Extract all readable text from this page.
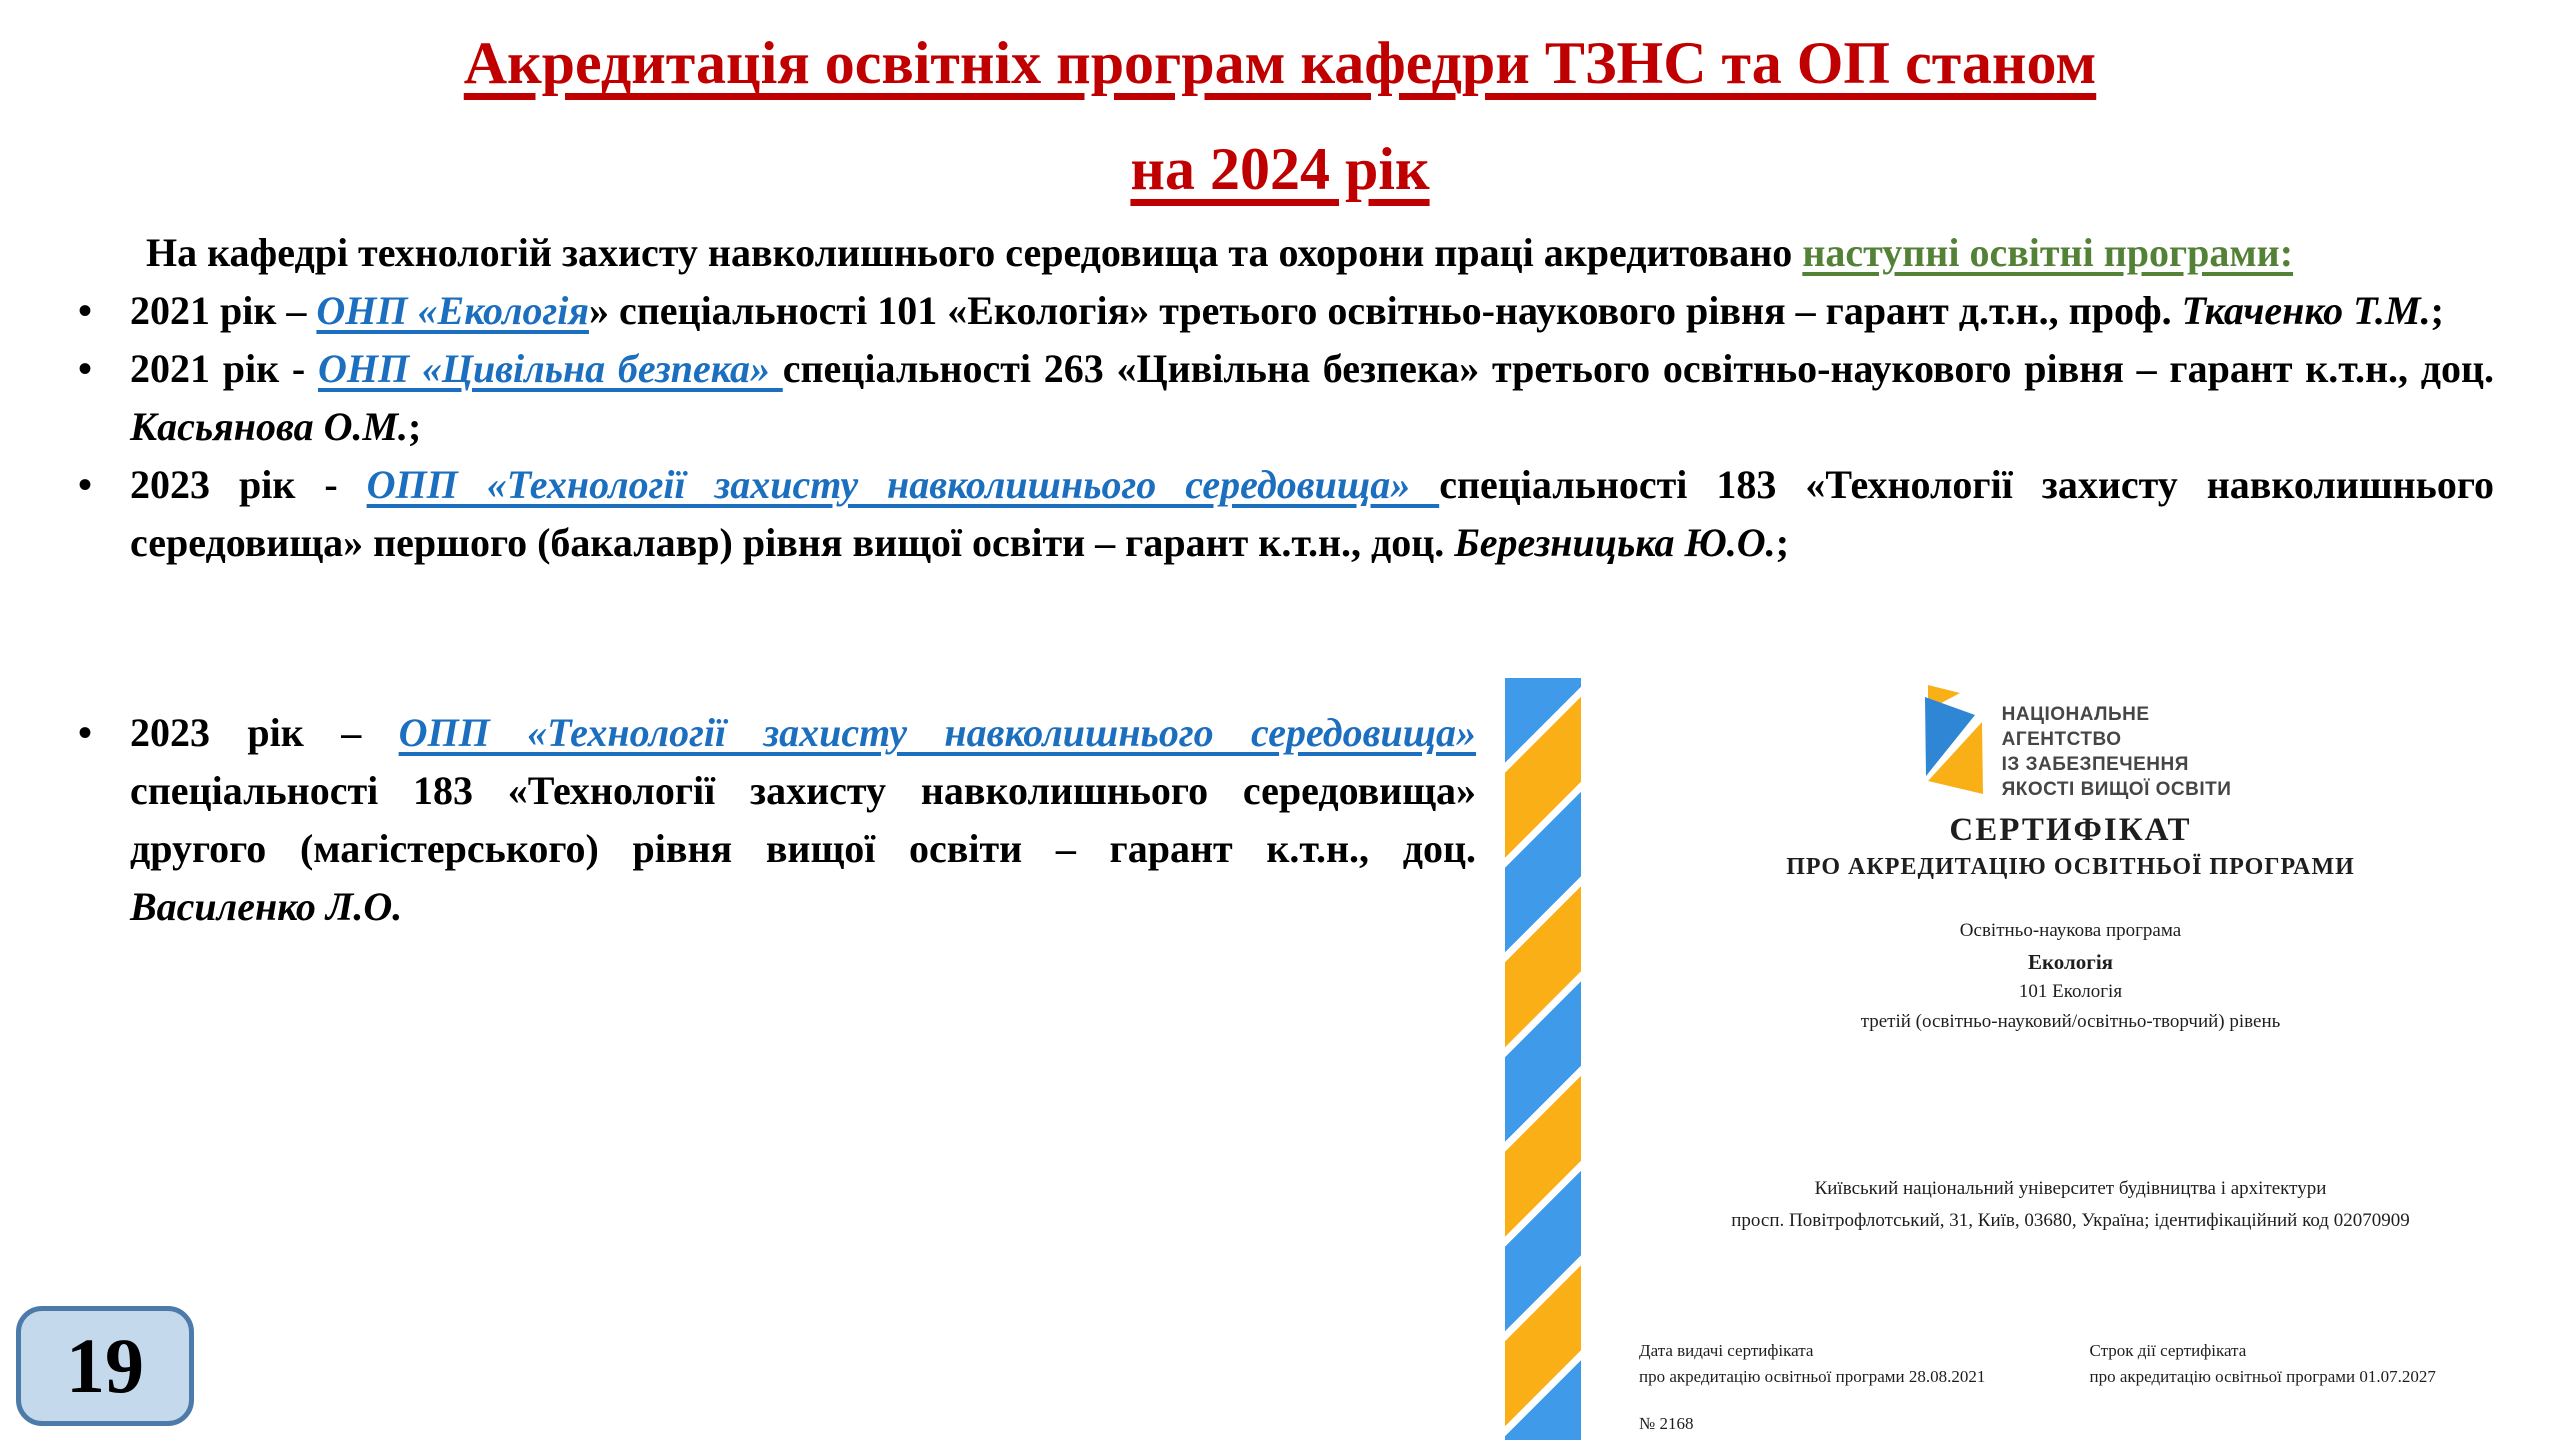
Акредитація освітніх програм кафедри ТЗНС та ОП станом
на 2024 рік

На кафедрі технологій захисту навколишнього середовища та охорони праці акредитовано наступні освітні програми:

• 2021 рік – ОНП «Екологія» спеціальності 101 «Екологія» третього освітньо-наукового рівня – гарант д.т.н., проф. Ткаченко Т.М.;
• 2021 рік - ОНП «Цивільна безпека» спеціальності 263 «Цивільна безпека» третього освітньо-наукового рівня – гарант к.т.н., доц. Касьянова О.М.;
• 2023 рік - ОПП «Технології захисту навколишнього середовища» спеціальності 183 «Технології захисту навколишнього середовища» першого (бакалавр) рівня вищої освіти – гарант к.т.н., доц. Березницька Ю.О.;
• 2023 рік – ОПП «Технології захисту навколишнього середовища» спеціальності 183 «Технології захисту навколишнього середовища» другого (магістерського) рівня вищої освіти – гарант к.т.н., доц. Василенко Л.О.
НАЦІОНАЛЬНЕ
АГЕНТСТВО
ІЗ ЗАБЕЗПЕЧЕННЯ
ЯКОСТІ ВИЩОЇ ОСВІТИ
СЕРТИФІКАТ
ПРО АКРЕДИТАЦІЮ ОСВІТНЬОЇ ПРОГРАМИ
Освітньо-наукова програма
Екологія
101 Екологія
третій (освітньо-науковий/освітньо-творчий) рівень
Київський національний університет будівництва і архітектури
просп. Повітрофлотський, 31, Київ, 03680, Україна; ідентифікаційний код 02070909
Дата видачі сертифіката
про акредитацію освітньої програми 28.08.2021
Строк дії сертифіката
про акредитацію освітньої програми 01.07.2027
№ 2168
19
